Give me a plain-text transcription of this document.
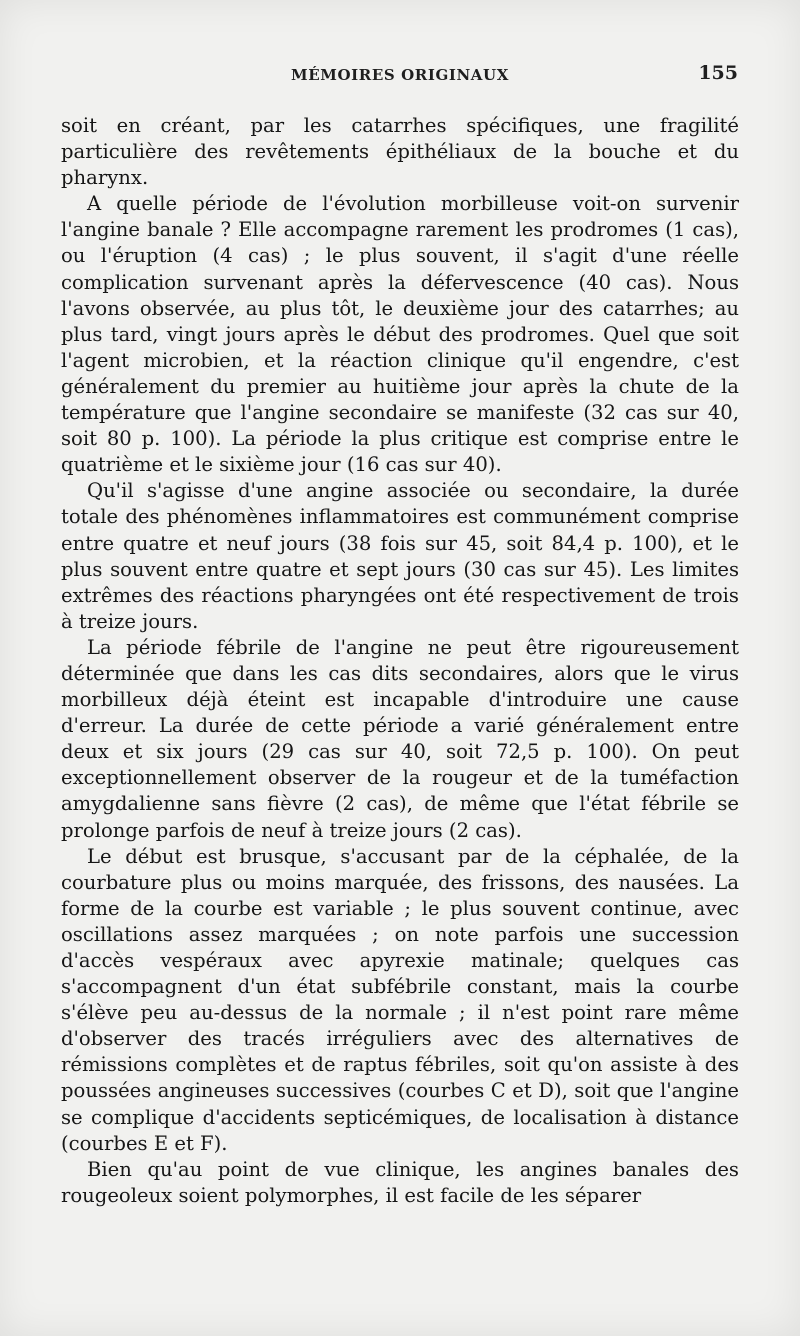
MÉMOIRES ORIGINAUX	155

soit en créant, par les catarrhes spécifiques, une fragilité particulière des revêtements épithéliaux de la bouche et du pharynx.

A quelle période de l'évolution morbilleuse voit-on survenir l'angine banale ? Elle accompagne rarement les prodromes (1 cas), ou l'éruption (4 cas) ; le plus souvent, il s'agit d'une réelle complication survenant après la défervescence (40 cas). Nous l'avons observée, au plus tôt, le deuxième jour des catarrhes; au plus tard, vingt jours après le début des prodromes. Quel que soit l'agent microbien, et la réaction clinique qu'il engendre, c'est généralement du premier au huitième jour après la chute de la température que l'angine secondaire se manifeste (32 cas sur 40, soit 80 p. 100). La période la plus critique est comprise entre le quatrième et le sixième jour (16 cas sur 40).

Qu'il s'agisse d'une angine associée ou secondaire, la durée totale des phénomènes inflammatoires est communément comprise entre quatre et neuf jours (38 fois sur 45, soit 84,4 p. 100), et le plus souvent entre quatre et sept jours (30 cas sur 45). Les limites extrêmes des réactions pharyngées ont été respectivement de trois à treize jours.

La période fébrile de l'angine ne peut être rigoureusement déterminée que dans les cas dits secondaires, alors que le virus morbilleux déjà éteint est incapable d'introduire une cause d'erreur. La durée de cette période a varié généralement entre deux et six jours (29 cas sur 40, soit 72,5 p. 100). On peut exceptionnellement observer de la rougeur et de la tuméfaction amygdalienne sans fièvre (2 cas), de même que l'état fébrile se prolonge parfois de neuf à treize jours (2 cas).

Le début est brusque, s'accusant par de la céphalée, de la courbature plus ou moins marquée, des frissons, des nausées. La forme de la courbe est variable ; le plus souvent continue, avec oscillations assez marquées ; on note parfois une succession d'accès vespéraux avec apyrexie matinale; quelques cas s'accompagnent d'un état subfébrile constant, mais la courbe s'élève peu au-dessus de la normale ; il n'est point rare même d'observer des tracés irréguliers avec des alternatives de rémissions complètes et de raptus fébriles, soit qu'on assiste à des poussées angineuses successives (courbes C et D), soit que l'angine se complique d'accidents septicémiques, de localisation à distance (courbes E et F).

Bien qu'au point de vue clinique, les angines banales des rougeoleux soient polymorphes, il est facile de les séparer
